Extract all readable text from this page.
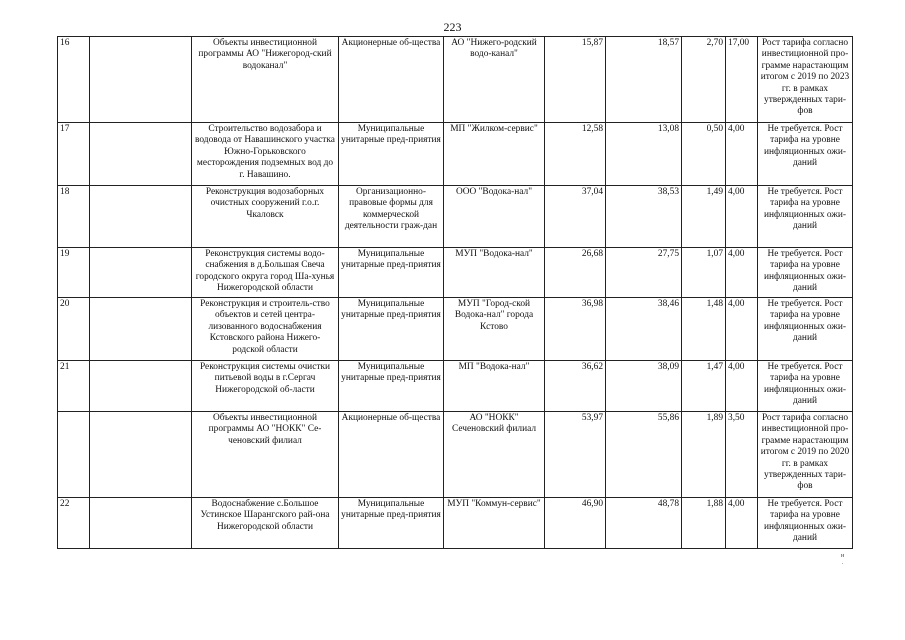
223
16		Объекты инвестиционной программы АО "Нижегород-ский водоканал"	Акционерные об-щества	АО "Нижего-родский водо-канал"	15,87	18,57	2,70	17,00	Рост тарифа согласно инвестиционной про-грамме нарастающим итогом с 2019 по 2023 гг. в рамках утвержденных тари-фов
17		Строительство водозабора и водовода от Навашинского участка Южно-Горьковского месторождения подземных вод до г. Навашино.	Муниципальные унитарные пред-приятия	МП "Жилком-сервис"	12,58	13,08	0,50	4,00	Не требуется. Рост тарифа на уровне инфляционных ожи-даний
18		Реконструкция водозаборных очистных сооружений г.о.г. Чкаловск	Организационно-правовые формы для коммерческой деятельности граж-дан	ООО "Водока-нал"	37,04	38,53	1,49	4,00	Не требуется. Рост тарифа на уровне инфляционных ожи-даний
19		Реконструкция системы водо-снабжения в д.Большая Свеча городского округа город Ша-хунья Нижегородской области	Муниципальные унитарные пред-приятия	МУП "Водока-нал"	26,68	27,75	1,07	4,00	Не требуется. Рост тарифа на уровне инфляционных ожи-даний
20		Реконструкция и строитель-ство объектов и сетей центра-лизованного водоснабжения Кстовского района Нижего-родской области	Муниципальные унитарные пред-приятия	МУП "Город-ской Водока-нал" города Кстово	36,98	38,46	1,48	4,00	Не требуется. Рост тарифа на уровне инфляционных ожи-даний
21		Реконструкция системы очистки питьевой воды в г.Сергач Нижегородской об-ласти	Муниципальные унитарные пред-приятия	МП "Водока-нал"	36,62	38,09	1,47	4,00	Не требуется. Рост тарифа на уровне инфляционных ожи-даний
		Объекты инвестиционной программы АО "НОКК" Се-ченовский филиал	Акционерные об-щества	АО "НОКК" Сеченовский филиал	53,97	55,86	1,89	3,50	Рост тарифа согласно инвестиционной про-грамме нарастающим итогом с 2019 по 2020 гг. в рамках утвержденных тари-фов
22		Водоснабжение с.Большое Устинское Шарангского рай-она Нижегородской области	Муниципальные унитарные пред-приятия	МУП "Коммун-сервис"	46,90	48,78	1,88	4,00	Не требуется. Рост тарифа на уровне инфляционных ожи-даний
н
.
